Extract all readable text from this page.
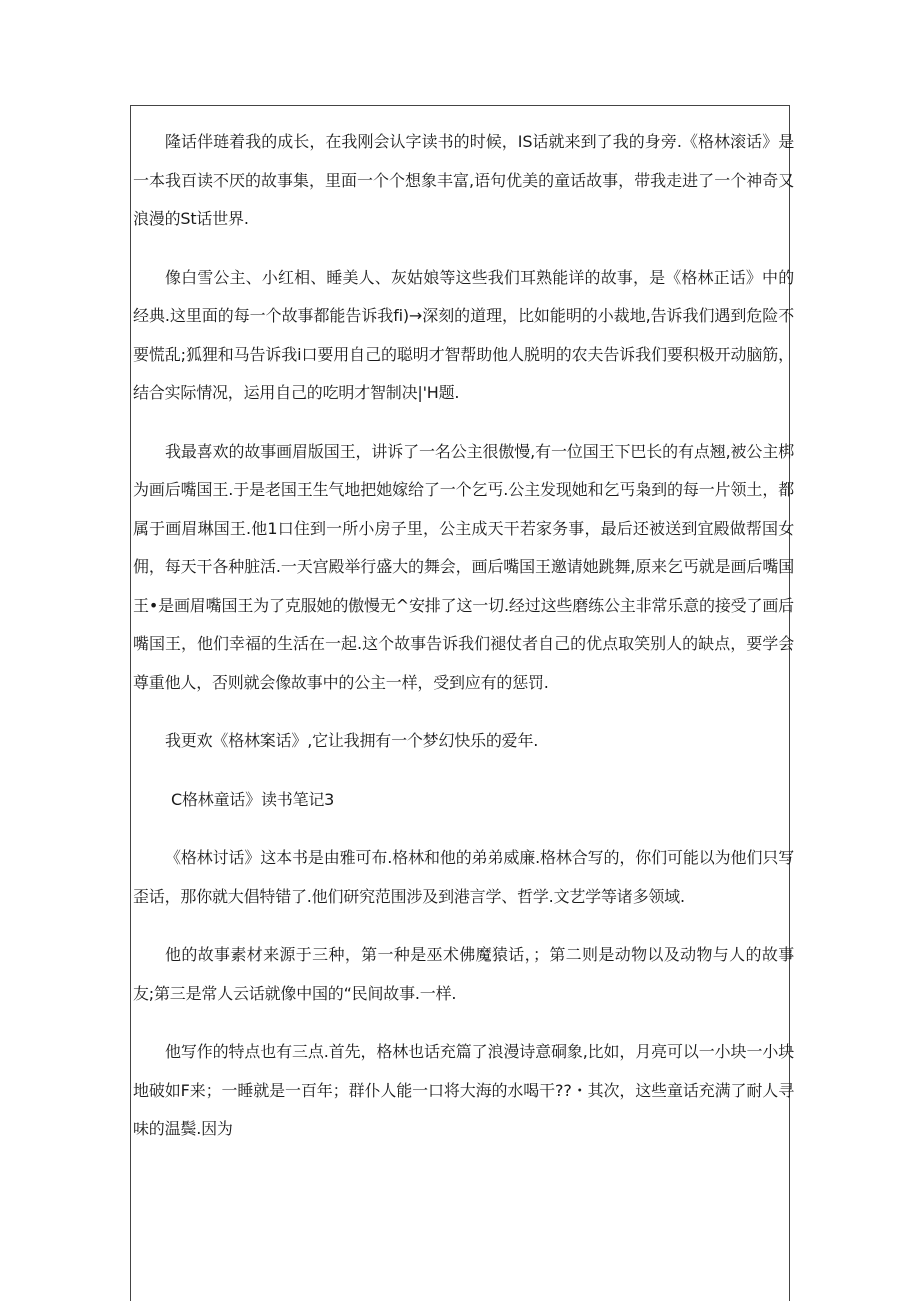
隆话伴琏着我的成长，在我刚会认字读书的时候，IS话就来到了我的身旁.《格林滚话》是一本我百读不厌的故事集，里面一个个想象丰富,语句优美的童话故事，带我走进了一个神奇又浪漫的St话世界.

像白雪公主、小红相、睡美人、灰姑娘等这些我们耳熟能详的故事，是《格林正话》中的经典.这里面的每一个故事都能告诉我fi)→深刻的道理，比如能明的小裁地,告诉我们遇到危险不要慌乱;狐狸和马告诉我i口要用自己的聪明才智帮助他人脱明的农夫告诉我们要积极开动脑筋，结合实际情况，运用自己的吃明才智制决|'H题.

我最喜欢的故事画眉版国王，讲诉了一名公主很傲慢,有一位国王下巴长的有点翘,被公主梆为画后嘴国王.于是老国王生气地把她嫁给了一个乞丐.公主发现她和乞丐枭到的每一片领土，都属于画眉琳国王.他1口住到一所小房子里，公主成天干若家务事，最后还被送到宜殿做帮国女佣，每天干各种脏活.一天宫殿举行盛大的舞会，画后嘴国王邀请她跳舞,原来乞丐就是画后嘴国王•是画眉嘴国王为了克服她的傲慢无^安排了这一切.经过这些磨练公主非常乐意的接受了画后嘴国王，他们幸福的生活在一起.这个故事告诉我们褪仗者自己的优点取笑别人的缺点，要学会尊重他人，否则就会像故事中的公主一样，受到应有的惩罚.

我更欢《格林案话》,它让我拥有一个梦幻快乐的爱年.

C格林童话》读书笔记3

《格林讨话》这本书是由雅可布.格林和他的弟弟威廉.格林合写的，你们可能以为他们只写歪话，那你就大倡特错了.他们研究范围涉及到港言学、哲学.文艺学等诸多领域.

他的故事素材来源于三种，第一种是巫术佛魔猿话，；第二则是动物以及动物与人的故事友;第三是常人云话就像中国的“民间故事.一样.

他写作的特点也有三点.首先，格林也话充篇了浪漫诗意硐象,比如，月亮可以一小块一小块地破如F来；一睡就是一百年；群仆人能一口将大海的水喝干??・其次，这些童话充满了耐人寻味的温鬓.因为
